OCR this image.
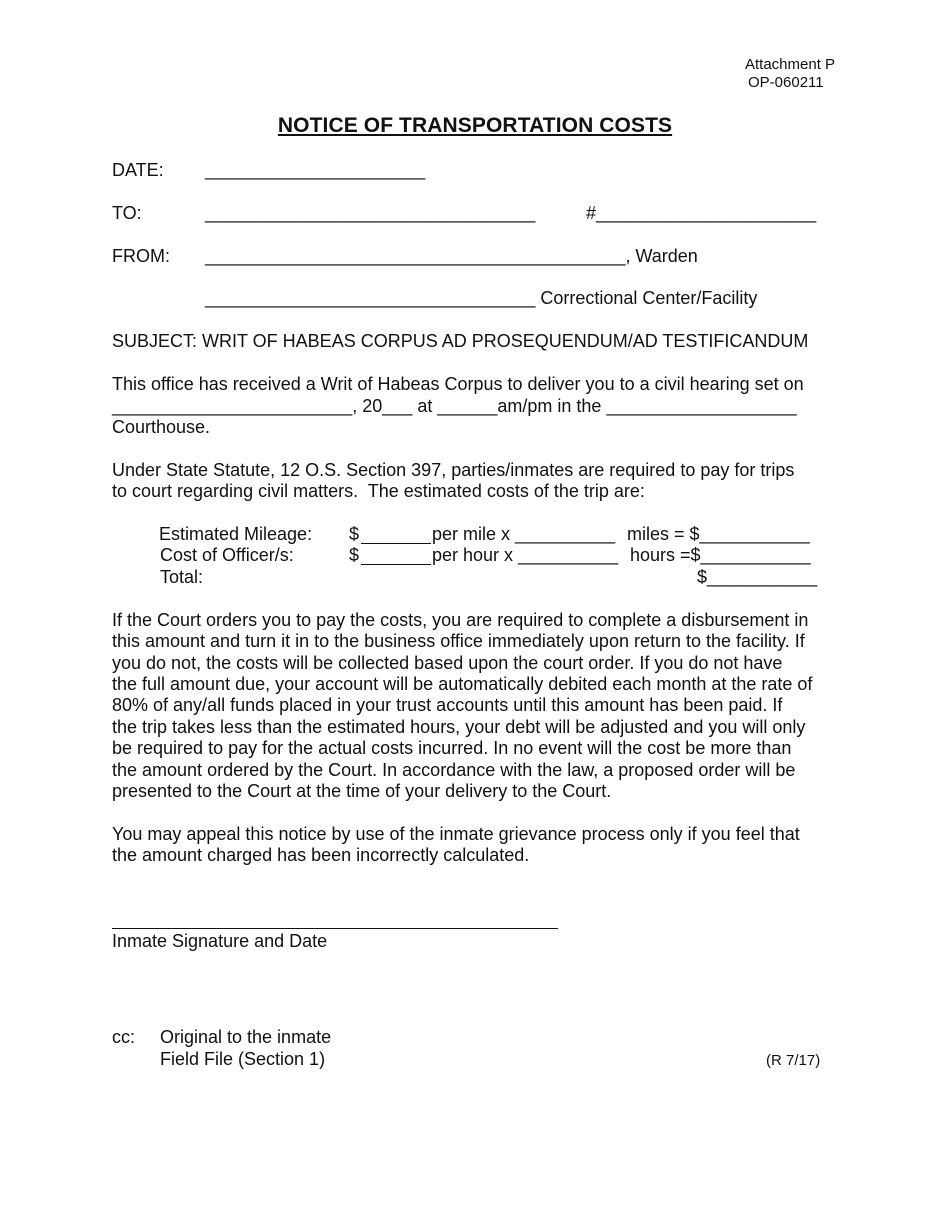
Attachment P
OP-060211
NOTICE OF TRANSPORTATION COSTS
DATE: ______________________
TO:	_________________________________	#______________________
FROM: __________________________________________, Warden
_________________________________ Correctional Center/Facility
SUBJECT: WRIT OF HABEAS CORPUS AD PROSEQUENDUM/AD TESTIFICANDUM
This office has received a Writ of Habeas Corpus to deliver you to a civil hearing set on
________________________, 20___ at ______am/pm in the ___________________
Courthouse.
Under State Statute, 12 O.S. Section 397, parties/inmates are required to pay for trips
to court regarding civil matters.  The estimated costs of the trip are:
Estimated Mileage: $	per mile x __________ miles = $___________
Cost of Officer/s:	$	per hour x __________ hours =$___________
Total:	$___________
If the Court orders you to pay the costs, you are required to complete a disbursement in
this amount and turn it in to the business office immediately upon return to the facility. If
you do not, the costs will be collected based upon the court order. If you do not have
the full amount due, your account will be automatically debited each month at the rate of
80% of any/all funds placed in your trust accounts until this amount has been paid. If
the trip takes less than the estimated hours, your debt will be adjusted and you will only
be required to pay for the actual costs incurred. In no event will the cost be more than
the amount ordered by the Court. In accordance with the law, a proposed order will be
presented to the Court at the time of your delivery to the Court.
You may appeal this notice by use of the inmate grievance process only if you feel that
the amount charged has been incorrectly calculated.
Inmate Signature and Date
cc: Original to the inmate
Field File (Section 1)	(R 7/17)
